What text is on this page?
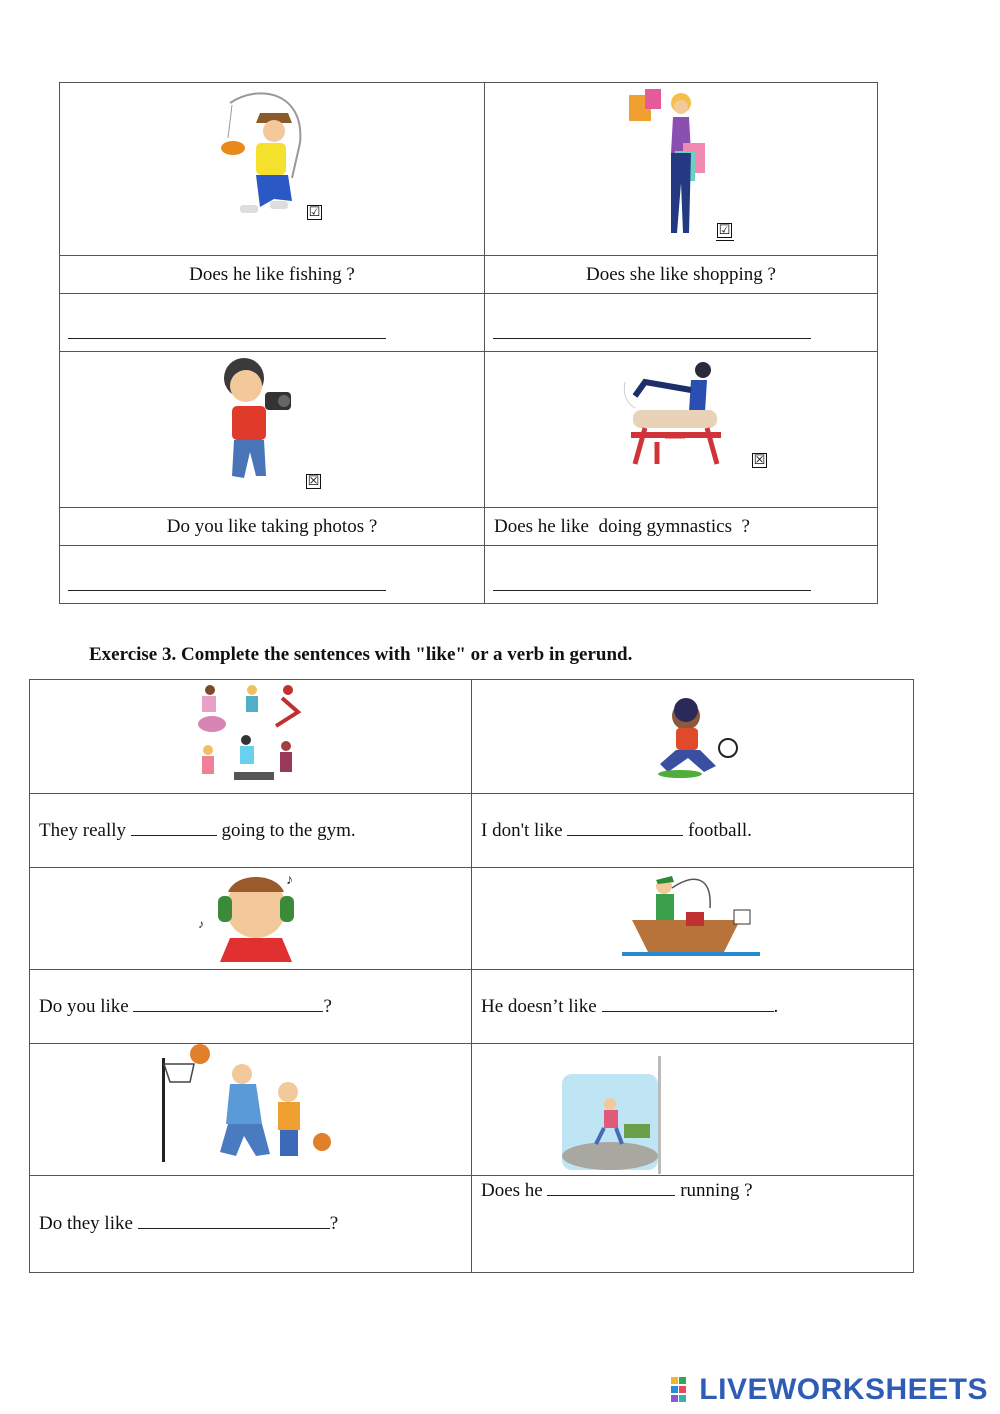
☑	☑

Does he like fishing ?	Does she like shopping ?

☒	☒

Do you like taking photos ?	Does he like  doing gymnastics  ?

Exercise 3. Complete the sentences with "like" or a verb in gerund.

They really going to the gym.	I don't like football.

♪
♪

Do you like ?	He doesn’t like .

Do they like ?	Does he running ?
LIVEWORKSHEETS
